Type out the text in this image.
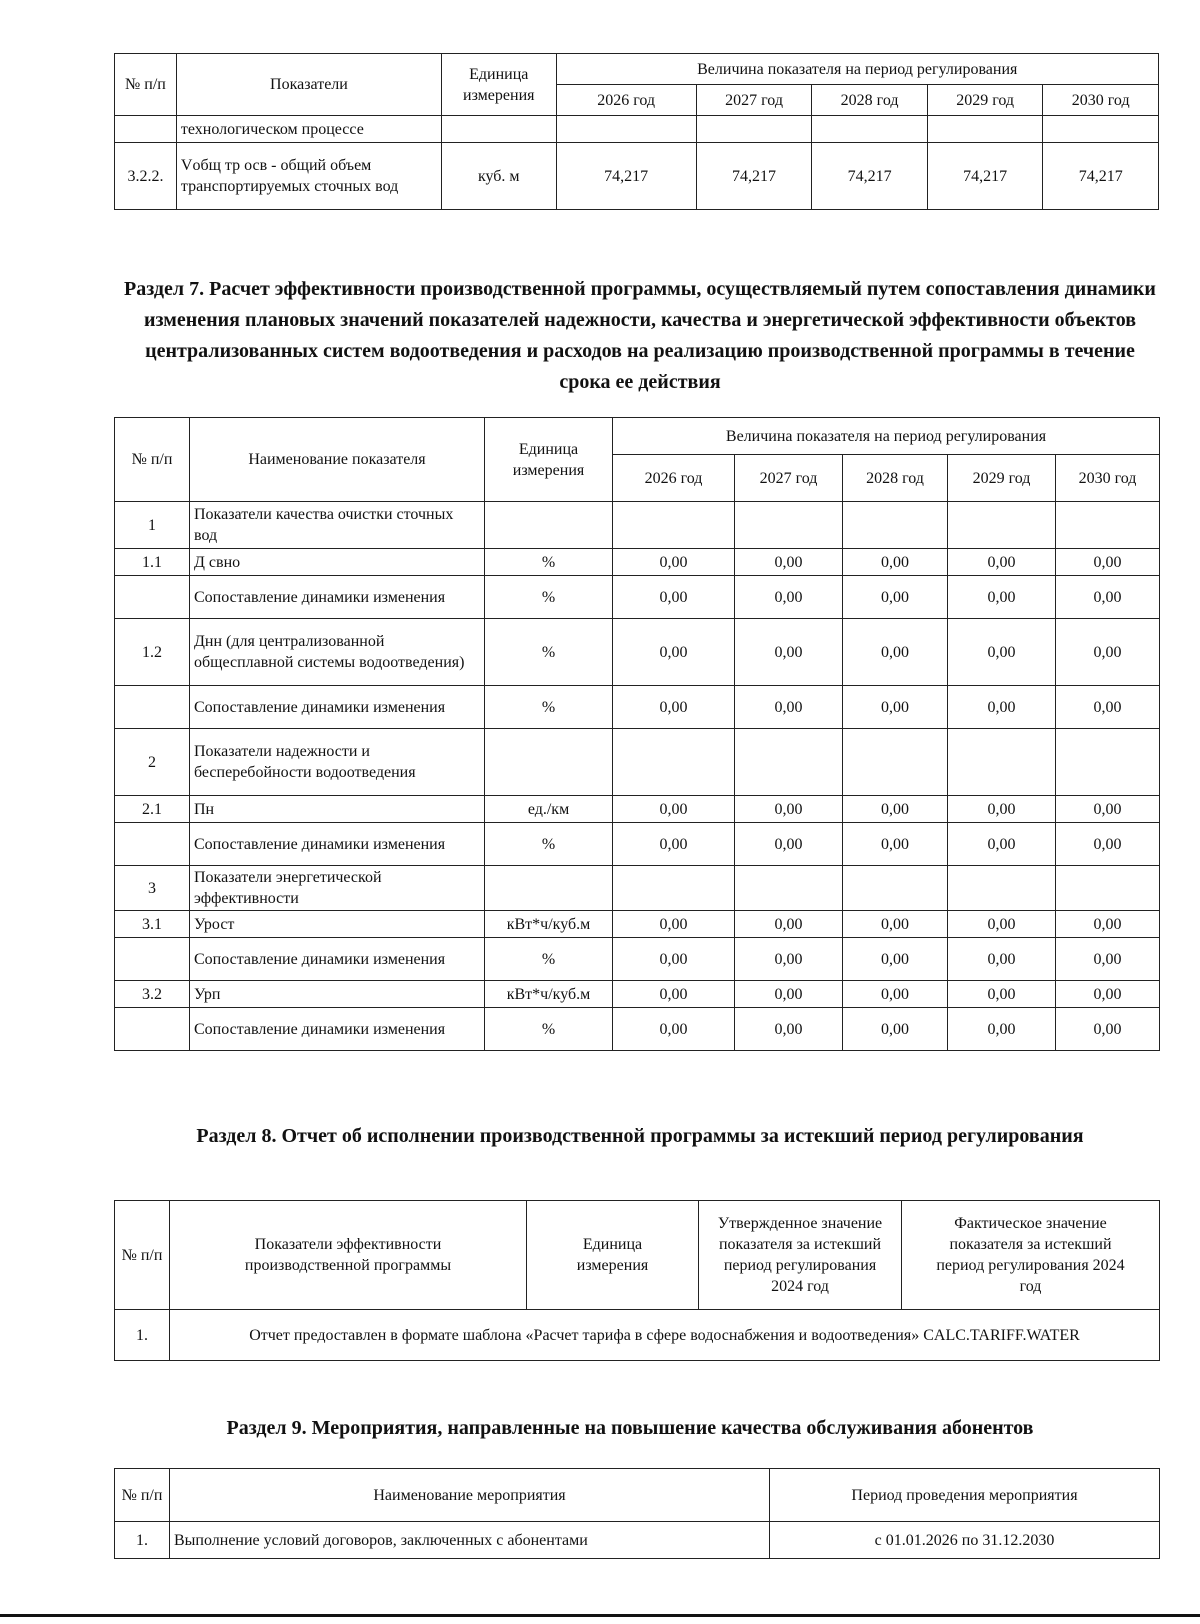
№ п/п	Показатели	Единица измерения	Величина показателя на период регулирования				
			2026 год	2027 год	2028 год	2029 год	2030 год
	технологическом процессе						
3.2.2.	Vобщ тр осв - общий объем транспортируемых сточных вод	куб. м	74,217	74,217	74,217	74,217	74,217

Раздел 7. Расчет эффективности производственной программы, осуществляемый путем сопоставления динамики изменения плановых значений показателей надежности, качества и энергетической эффективности объектов централизованных систем водоотведения и расходов на реализацию производственной программы в течение срока ее действия

№ п/п	Наименование показателя	Единица измерения	Величина показателя на период регулирования				
			2026 год	2027 год	2028 год	2029 год	2030 год
1	Показатели качества очистки сточных вод						
1.1	Д свно	%	0,00	0,00	0,00	0,00	0,00
	Сопоставление динамики изменения	%	0,00	0,00	0,00	0,00	0,00
1.2	Днн (для централизованной общесплавной системы водоотведения)	%	0,00	0,00	0,00	0,00	0,00
	Сопоставление динамики изменения	%	0,00	0,00	0,00	0,00	0,00
2	Показатели надежности и бесперебойности водоотведения						
2.1	Пн	ед./км	0,00	0,00	0,00	0,00	0,00
	Сопоставление динамики изменения	%	0,00	0,00	0,00	0,00	0,00
3	Показатели энергетической эффективности						
3.1	Урост	кВт*ч/куб.м	0,00	0,00	0,00	0,00	0,00
	Сопоставление динамики изменения	%	0,00	0,00	0,00	0,00	0,00
3.2	Урп	кВт*ч/куб.м	0,00	0,00	0,00	0,00	0,00
	Сопоставление динамики изменения	%	0,00	0,00	0,00	0,00	0,00

Раздел 8. Отчет об исполнении производственной программы за истекший период регулирования

№ п/п	Показатели эффективности производственной программы	Единица измерения	Утвержденное значение показателя за истекший период регулирования 2024 год	Фактическое значение показателя за истекший период регулирования 2024 год
1.	Отчет предоставлен в формате шаблона «Расчет тарифа в сфере водоснабжения и водоотведения» CALC.TARIFF.WATER			

Раздел 9. Мероприятия, направленные на повышение качества обслуживания абонентов

№ п/п	Наименование мероприятия	Период проведения мероприятия
1.	Выполнение условий договоров, заключенных с абонентами	с 01.01.2026 по 31.12.2030
